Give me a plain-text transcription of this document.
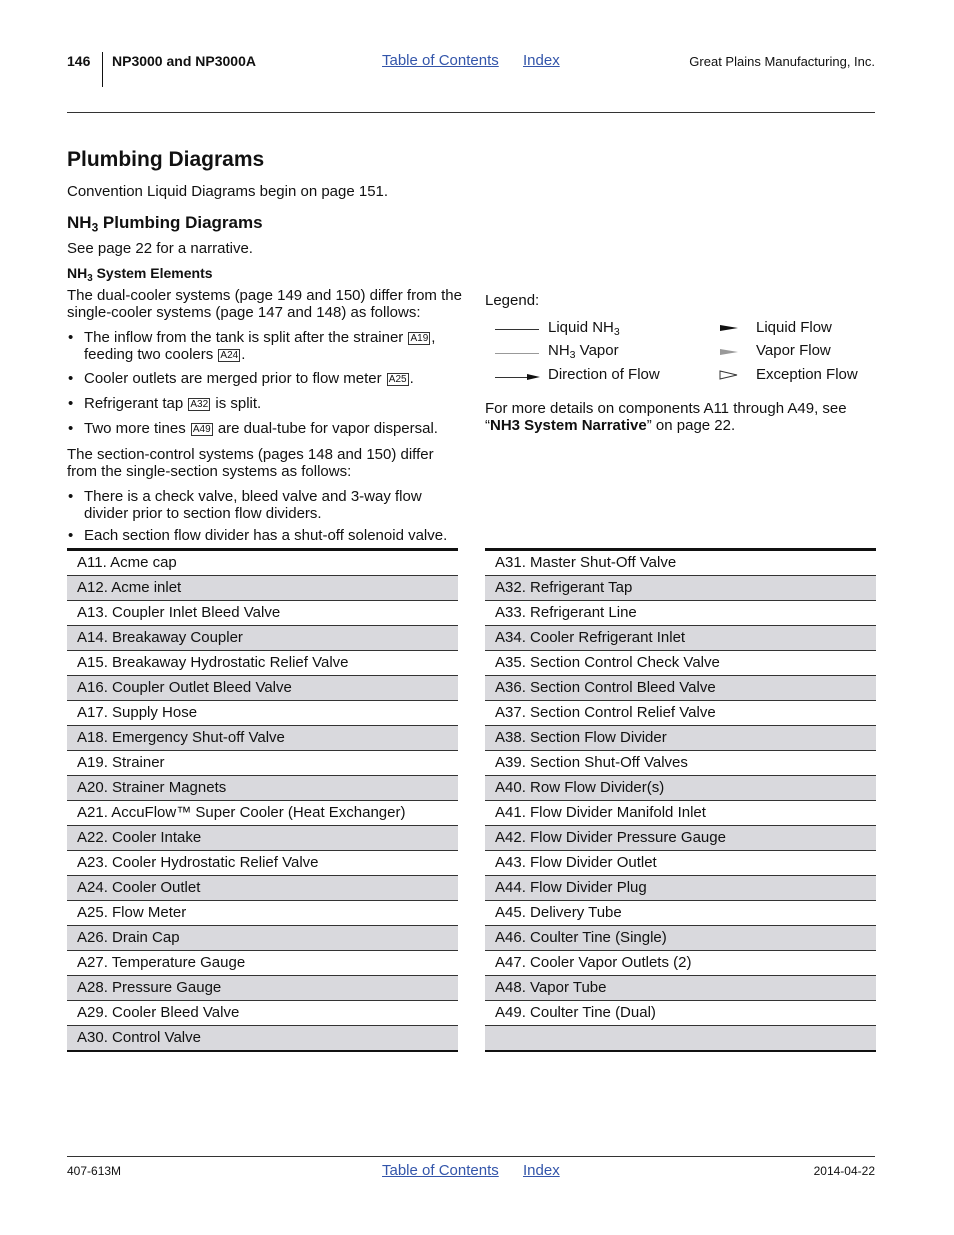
146 NP3000 and NP3000A	Table of Contents Index	Great Plains Manufacturing, Inc.
Plumbing Diagrams
Convention Liquid Diagrams begin on page 151.
$NH_3$ Plumbing Diagrams
See page 22 for a narrative.
$NH_3$ System Elements
The dual-cooler systems (page 149 and 150) differ from the single-cooler systems (page 147 and 148) as follows:
• The inflow from the tank is split after the strainer A19 , feeding two coolers A24 .
• Cooler outlets are merged prior to flow meter A25 .
• Refrigerant tap A32 is split.
• Two more tines A49 are dual-tube for vapor dispersal.
The section-control systems (pages 148 and 150) differ from the single-section systems as follows:
• There is a check valve, bleed valve and 3-way flow divider prior to section flow dividers.
• Each section flow divider has a shut-off solenoid valve.
Legend:
Liquid $NH_3$
$NH_3$ Vapor
Direction of Flow
Liquid Flow
Vapor Flow
Exception Flow
For more details on components A11 through A49, see “NH3 System Narrative” on page 22.
A11. Acme cap
A12. Acme inlet
A13. Coupler Inlet Bleed Valve
A14. Breakaway Coupler
A15. Breakaway Hydrostatic Relief Valve
A16. Coupler Outlet Bleed Valve
A17. Supply Hose
A18. Emergency Shut-off Valve
A19. Strainer
A20. Strainer Magnets
A21. AccuFlow™ Super Cooler (Heat Exchanger)
A22. Cooler Intake
A23. Cooler Hydrostatic Relief Valve
A24. Cooler Outlet
A25. Flow Meter
A26. Drain Cap
A27. Temperature Gauge
A28. Pressure Gauge
A29. Cooler Bleed Valve
A30. Control Valve
A31. Master Shut-Off Valve
A32. Refrigerant Tap
A33. Refrigerant Line
A34. Cooler Refrigerant Inlet
A35. Section Control Check Valve
A36. Section Control Bleed Valve
A37. Section Control Relief Valve
A38. Section Flow Divider
A39. Section Shut-Off Valves
A40. Row Flow Divider(s)
A41. Flow Divider Manifold Inlet
A42. Flow Divider Pressure Gauge
A43. Flow Divider Outlet
A44. Flow Divider Plug
A45. Delivery Tube
A46. Coulter Tine (Single)
A47. Cooler Vapor Outlets (2)
A48. Vapor Tube
A49. Coulter Tine (Dual)

407-613M	Table of Contents Index	2014-04-22
